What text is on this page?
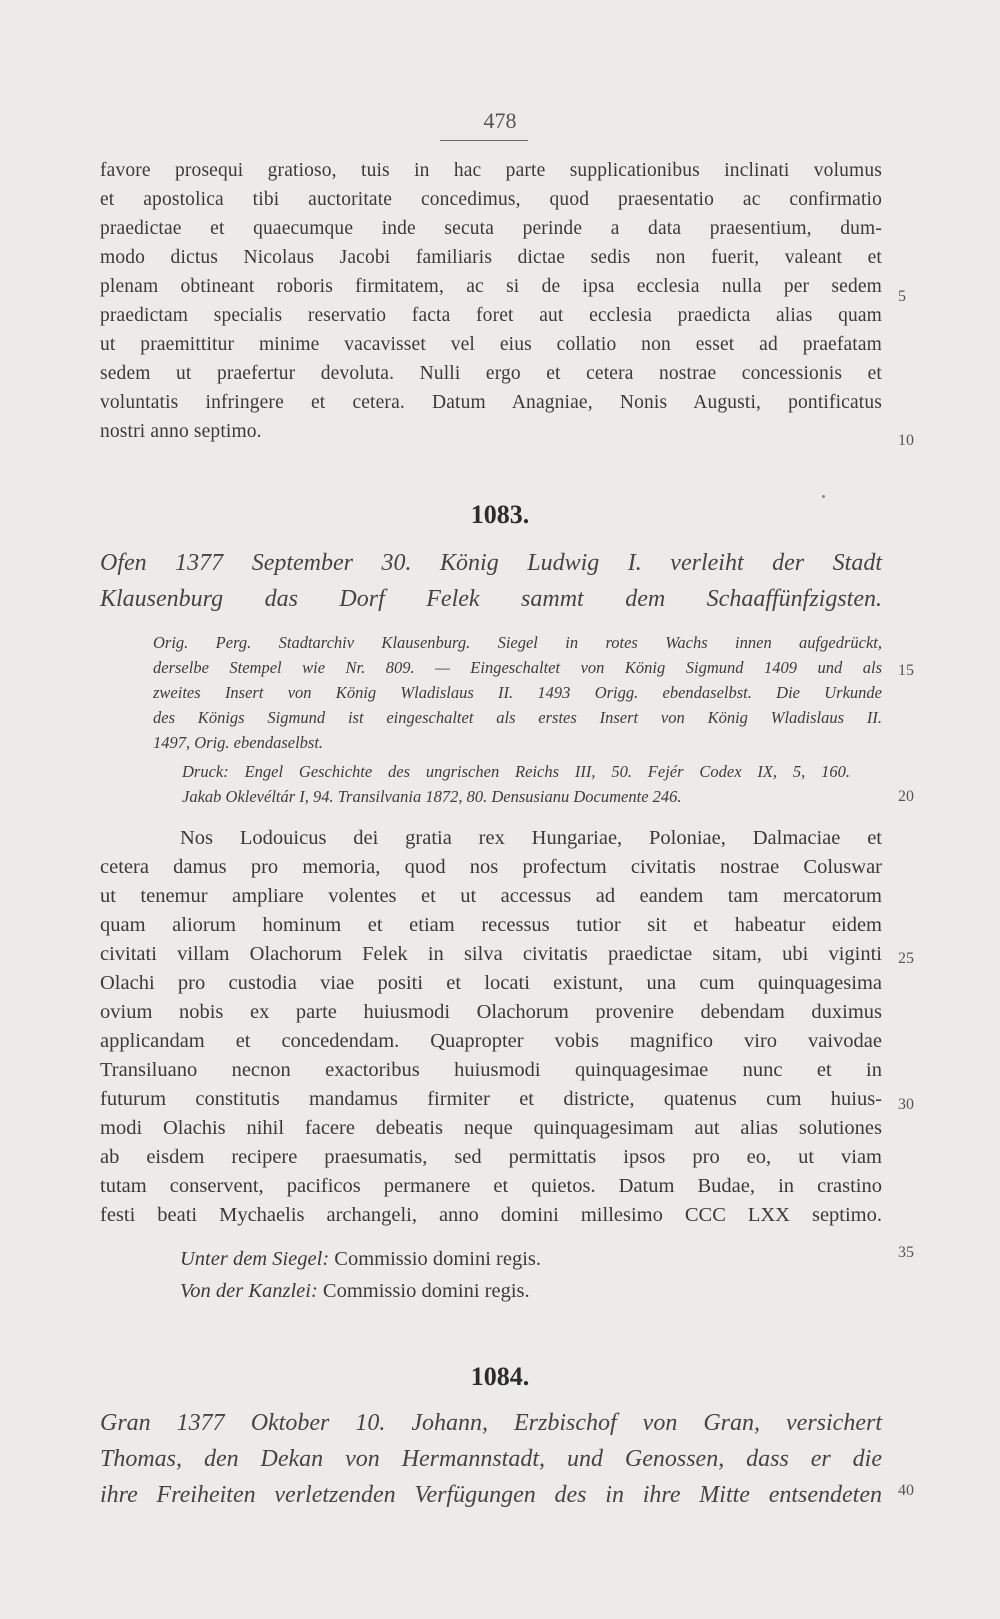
478
favore prosequi gratioso, tuis in hac parte supplicationibus inclinati volumus
et apostolica tibi auctoritate concedimus, quod praesentatio ac confirmatio
praedictae et quaecumque inde secuta perinde a data praesentium, dum-
modo dictus Nicolaus Jacobi familiaris dictae sedis non fuerit, valeant et
plenam obtineant roboris firmitatem, ac si de ipsa ecclesia nulla per sedem
praedictam specialis reservatio facta foret aut ecclesia praedicta alias quam
ut praemittitur minime vacavisset vel eius collatio non esset ad praefatam
sedem ut praefertur devoluta. Nulli ergo et cetera nostrae concessionis et
voluntatis infringere et cetera. Datum Anagniae, Nonis Augusti, pontificatus
nostri anno septimo.
5
10
15
20
25
30
35
40
1083.
Ofen 1377 September 30. König Ludwig I. verleiht der Stadt
Klausenburg das Dorf Felek sammt dem Schaaffünfzigsten.
Orig. Perg. Stadtarchiv Klausenburg. Siegel in rotes Wachs innen aufgedrückt,
derselbe Stempel wie Nr. 809. — Eingeschaltet von König Sigmund 1409 und als
zweites Insert von König Wladislaus II. 1493 Origg. ebendaselbst. Die Urkunde
des Königs Sigmund ist eingeschaltet als erstes Insert von König Wladislaus II.
1497, Orig. ebendaselbst.
Druck: Engel Geschichte des ungrischen Reichs III, 50. Fejér Codex IX, 5, 160.
Jakab Oklevéltár I, 94. Transilvania 1872, 80. Densusianu Documente 246.
Nos Lodouicus dei gratia rex Hungariae, Poloniae, Dalmaciae et
cetera damus pro memoria, quod nos profectum civitatis nostrae Coluswar
ut tenemur ampliare volentes et ut accessus ad eandem tam mercatorum
quam aliorum hominum et etiam recessus tutior sit et habeatur eidem
civitati villam Olachorum Felek in silva civitatis praedictae sitam, ubi viginti
Olachi pro custodia viae positi et locati existunt, una cum quinquagesima
ovium nobis ex parte huiusmodi Olachorum provenire debendam duximus
applicandam et concedendam. Quapropter vobis magnifico viro vaivodae
Transiluano necnon exactoribus huiusmodi quinquagesimae nunc et in
futurum constitutis mandamus firmiter et districte, quatenus cum huius-
modi Olachis nihil facere debeatis neque quinquagesimam aut alias solutiones
ab eisdem recipere praesumatis, sed permittatis ipsos pro eo, ut viam
tutam conservent, pacificos permanere et quietos. Datum Budae, in crastino
festi beati Mychaelis archangeli, anno domini millesimo CCC LXX septimo.
Unter dem Siegel: Commissio domini regis.
Von der Kanzlei: Commissio domini regis.
1084.
Gran 1377 Oktober 10. Johann, Erzbischof von Gran, versichert
Thomas, den Dekan von Hermannstadt, und Genossen, dass er die
ihre Freiheiten verletzenden Verfügungen des in ihre Mitte entsendeten
